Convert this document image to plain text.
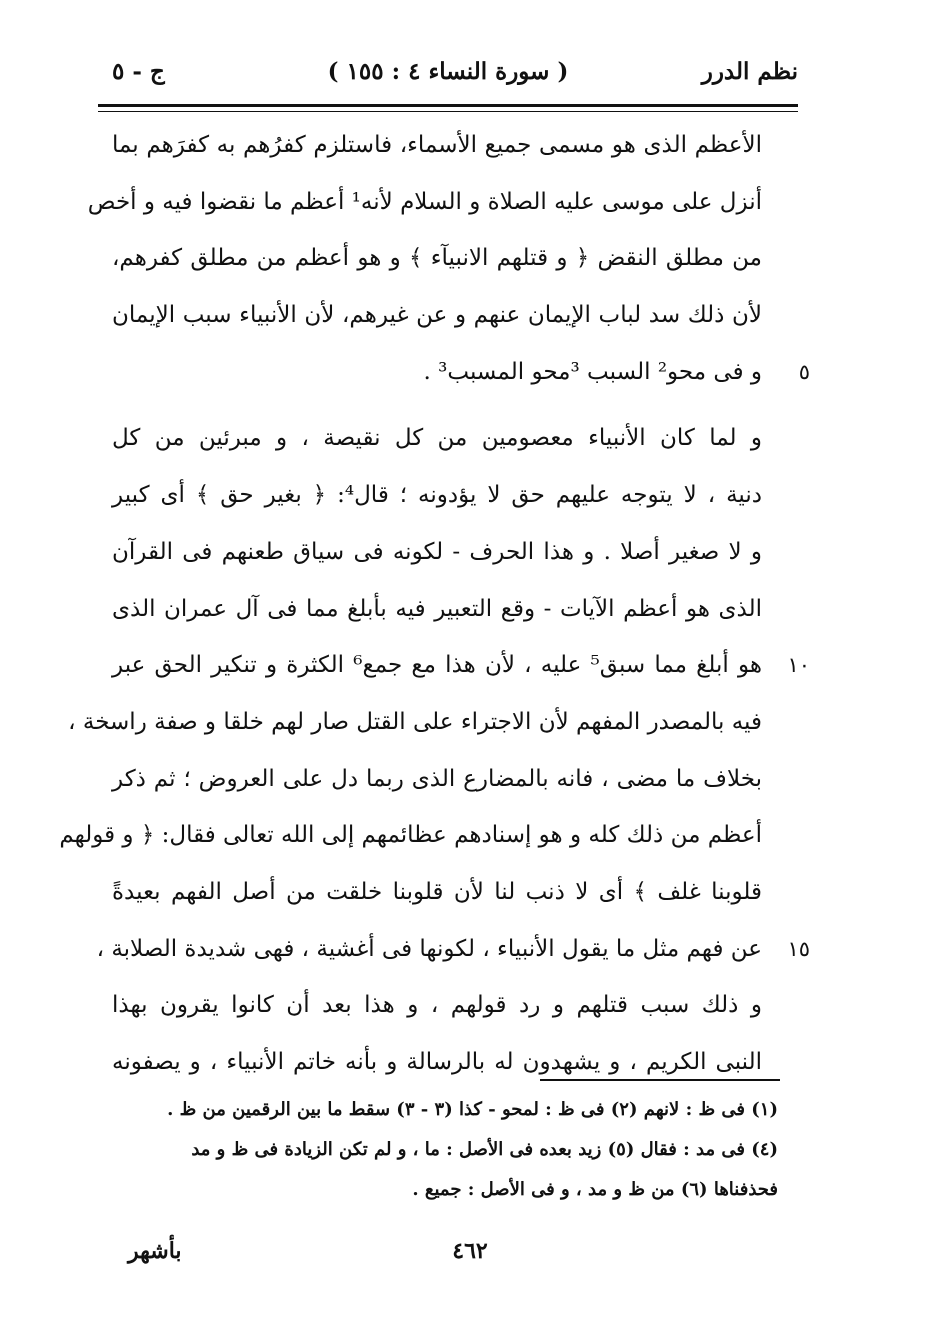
نظم الدرر
( سورة النساء ٤ : ١٥٥ )
ج - ٥
الأعظم الذى هو مسمى جميع الأسماء، فاستلزم كفرُهم به كفرَهم بما
أنزل على موسى عليه الصلاة و السلام لأنه¹ أعظم ما نقضوا فيه و أخص
من مطلق النقض ﴿ و قتلهم الانبيآء ﴾ و هو أعظم من مطلق كفرهم،
لأن ذلك سد لباب الإيمان عنهم و عن غيرهم، لأن الأنبياء سبب الإيمان
٥
و فى محو² السبب ³محو المسبب³ .
و لما كان الأنبياء معصومين من كل نقيصة ، و مبرئين من كل
دنية ، لا يتوجه عليهم حق لا يؤدونه ؛ قال⁴: ﴿ بغير حق ﴾ أى كبير
و لا صغير أصلا . و هذا الحرف - لكونه فى سياق طعنهم فى القرآن
الذى هو أعظم الآيات - وقع التعبير فيه بأبلغ مما فى آل عمران الذى
١٠
هو أبلغ مما سبق⁵ عليه ، لأن هذا مع جمع⁶ الكثرة و تنكير الحق عبر
فيه بالمصدر المفهم لأن الاجتراء على القتل صار لهم خلقا و صفة راسخة ،
بخلاف ما مضى ، فانه بالمضارع الذى ربما دل على العروض ؛ ثم ذكر
أعظم من ذلك كله و هو إسنادهم عظائمهم إلى الله تعالى فقال: ﴿ و قولهم
قلوبنا غلف ﴾ أى لا ذنب لنا لأن قلوبنا خلقت من أصل الفهم بعيدةً
١٥
عن فهم مثل ما يقول الأنبياء ، لكونها فى أغشية ، فهى شديدة الصلابة ،
و ذلك سبب قتلهم و رد قولهم ، و هذا بعد أن كانوا يقرون بهذا
النبى الكريم ، و يشهدون له بالرسالة و بأنه خاتم الأنبياء ، و يصفونه
(١) فى ظ : لانهم (٢) فى ظ : لمحو - كذا (٣ - ٣) سقط ما بين الرقمين من ظ .
(٤) فى مد : فقال (٥) زيد بعده فى الأصل : ما ، و لم تكن الزيادة فى ظ و مد
فحذفناها (٦) من ظ و مد ، و فى الأصل : جميع .
٤٦٢
بأشهر
